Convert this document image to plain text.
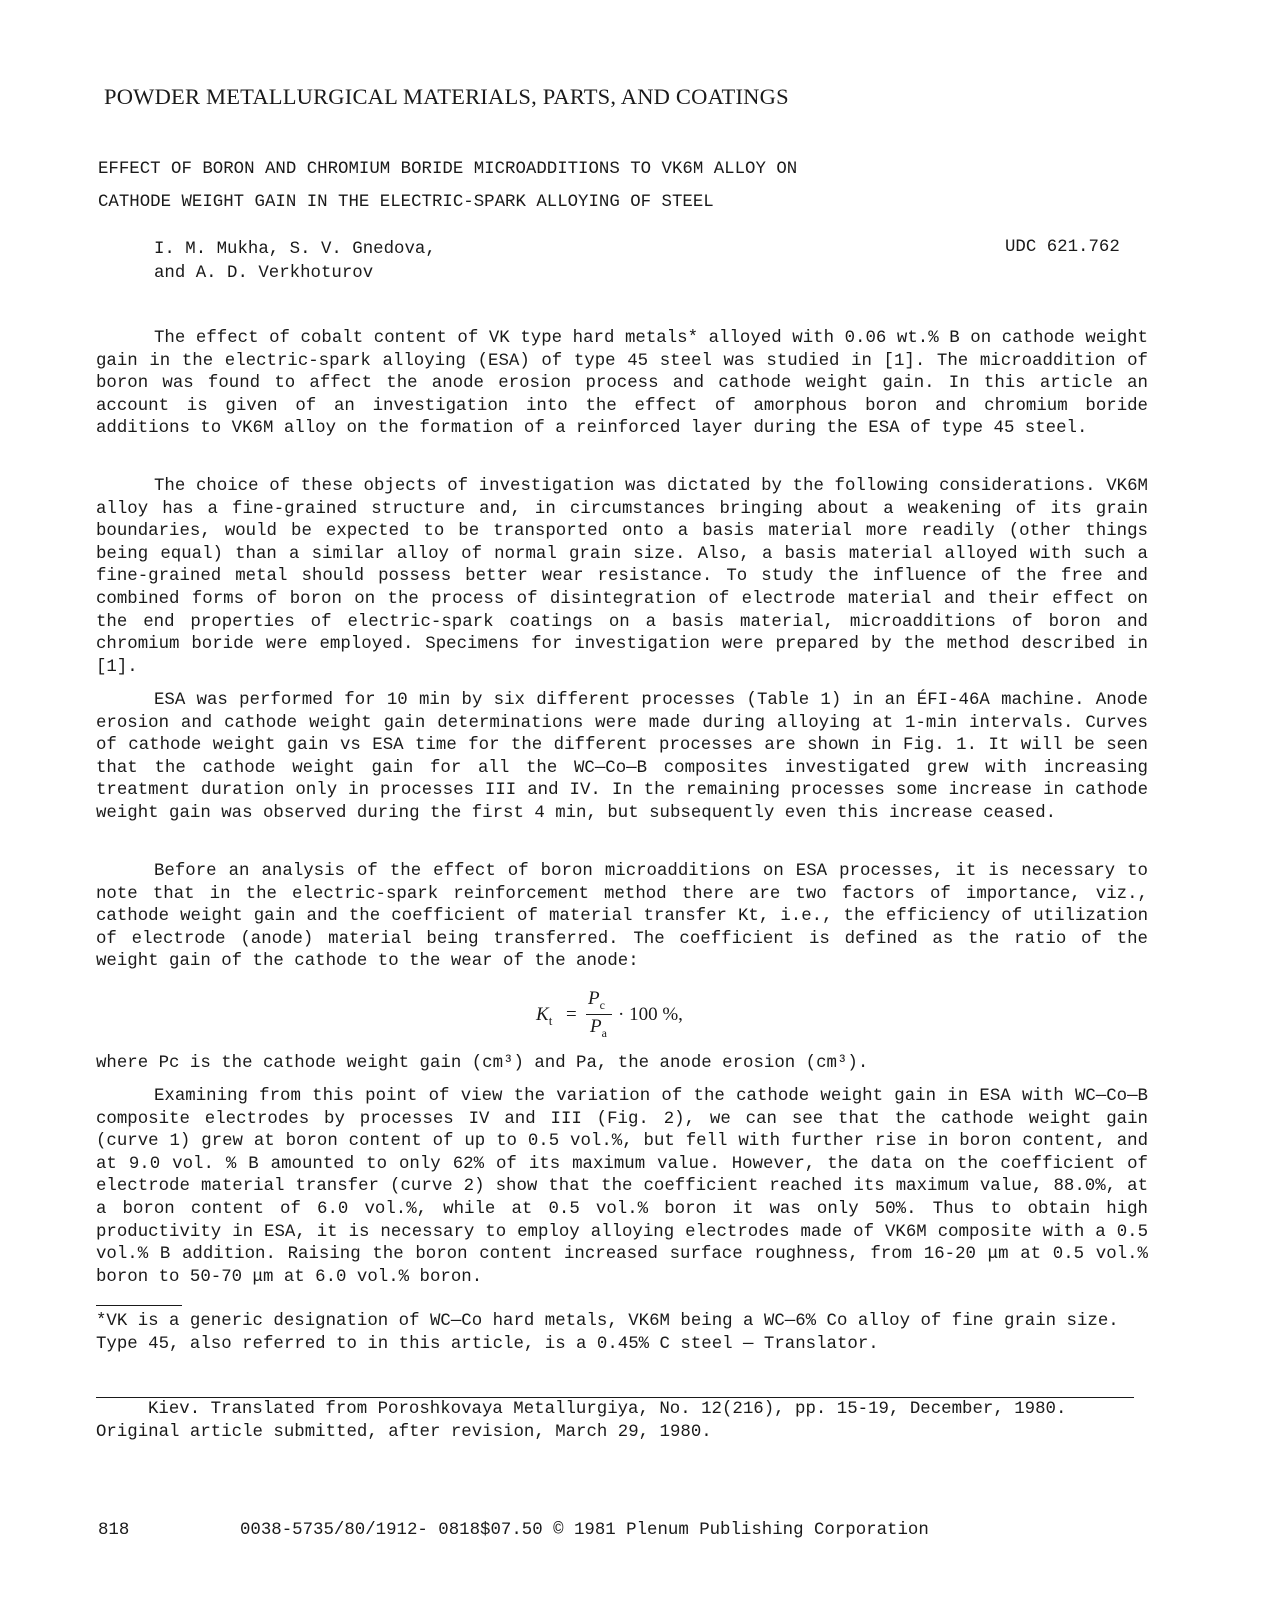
POWDER METALLURGICAL MATERIALS, PARTS, AND COATINGS
EFFECT OF BORON AND CHROMIUM BORIDE MICROADDITIONS TO VK6M ALLOY ON
CATHODE WEIGHT GAIN IN THE ELECTRIC-SPARK ALLOYING OF STEEL
I. M. Mukha, S. V. Gnedova,
and A. D. Verkhoturov
UDC 621.762

The effect of cobalt content of VK type hard metals* alloyed with 0.06 wt.% B on cathode weight gain in the electric-spark alloying (ESA) of type 45 steel was studied in [1]. The microaddition of boron was found to affect the anode erosion process and cathode weight gain. In this article an account is given of an investigation into the effect of amorphous boron and chromium boride additions to VK6M alloy on the formation of a reinforced layer during the ESA of type 45 steel.

The choice of these objects of investigation was dictated by the following considerations. VK6M alloy has a fine-grained structure and, in circumstances bringing about a weakening of its grain boundaries, would be expected to be transported onto a basis material more readily (other things being equal) than a similar alloy of normal grain size. Also, a basis material alloyed with such a fine-grained metal should possess better wear resistance. To study the influence of the free and combined forms of boron on the process of disintegration of electrode material and their effect on the end properties of electric-spark coatings on a basis material, microadditions of boron and chromium boride were employed. Specimens for investigation were prepared by the method described in [1].

ESA was performed for 10 min by six different processes (Table 1) in an ÉFI-46A machine. Anode erosion and cathode weight gain determinations were made during alloying at 1-min intervals. Curves of cathode weight gain vs ESA time for the different processes are shown in Fig. 1. It will be seen that the cathode weight gain for all the WC—Co—B composites investigated grew with increasing treatment duration only in processes III and IV. In the remaining processes some increase in cathode weight gain was observed during the first 4 min, but subsequently even this increase ceased.

Before an analysis of the effect of boron microadditions on ESA processes, it is necessary to note that in the electric-spark reinforcement method there are two factors of importance, viz., cathode weight gain and the coefficient of material transfer Kt, i.e., the efficiency of utilization of electrode (anode) material being transferred. The coefficient is defined as the ratio of the weight gain of the cathode to the wear of the anode:

$K_t$ =
$P_c$
$P_a$
· 100 %,

where Pc is the cathode weight gain (cm³) and Pa, the anode erosion (cm³).

Examining from this point of view the variation of the cathode weight gain in ESA with WC—Co—B composite electrodes by processes IV and III (Fig. 2), we can see that the cathode weight gain (curve 1) grew at boron content of up to 0.5 vol.%, but fell with further rise in boron content, and at 9.0 vol. % B amounted to only 62% of its maximum value. However, the data on the coefficient of electrode material transfer (curve 2) show that the coefficient reached its maximum value, 88.0%, at a boron content of 6.0 vol.%, while at 0.5 vol.% boron it was only 50%. Thus to obtain high productivity in ESA, it is necessary to employ alloying electrodes made of VK6M composite with a 0.5 vol.% B addition. Raising the boron content increased surface roughness, from 16-20 μm at 0.5 vol.% boron to 50-70 μm at 6.0 vol.% boron.

*VK is a generic designation of WC—Co hard metals, VK6M being a WC—6% Co alloy of fine grain size. Type 45, also referred to in this article, is a 0.45% C steel — Translator.

Kiev. Translated from Poroshkovaya Metallurgiya, No. 12(216), pp. 15-19, December, 1980. Original article submitted, after revision, March 29, 1980.

818	0038-5735/80/1912- 0818$07.50 © 1981 Plenum Publishing Corporation
